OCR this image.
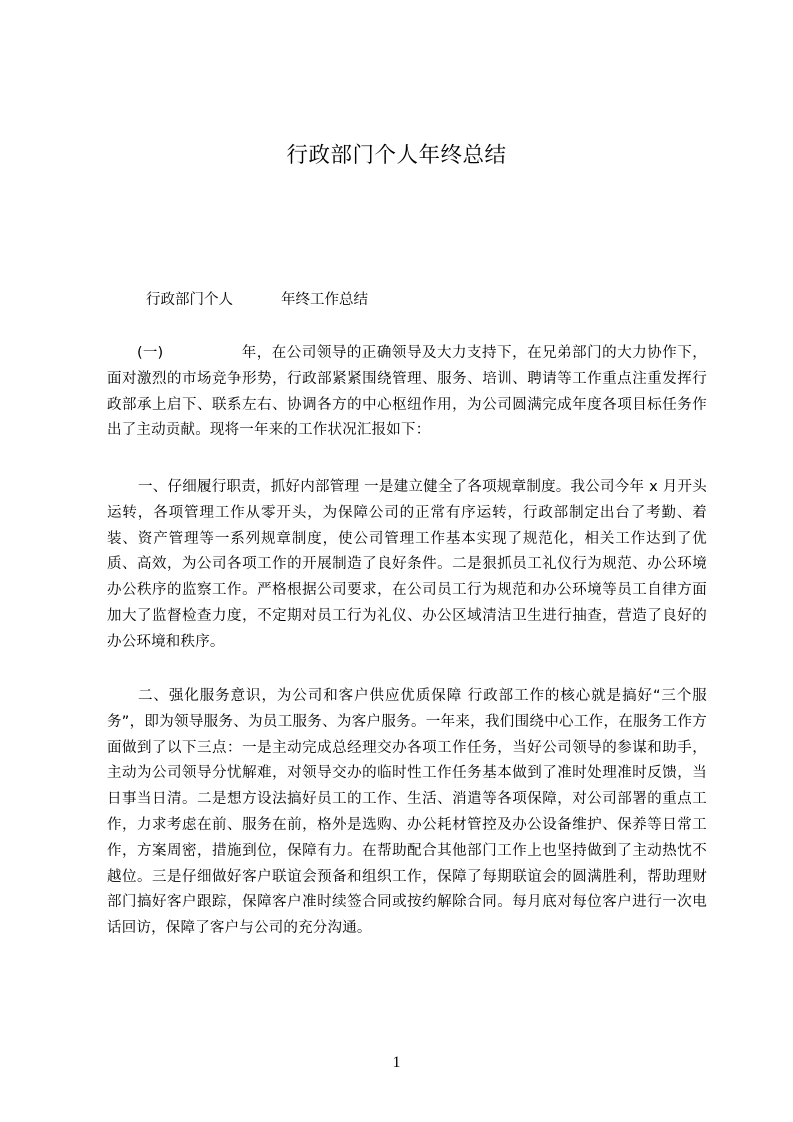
行政部门个人年终总结
行政部门个人	年终工作总结
(一)	年，在公司领导的正确领导及大力支持下，在兄弟部门的大力协作下，面对激烈的市场竞争形势，行政部紧紧围绕管理、服务、培训、聘请等工作重点注重发挥行政部承上启下、联系左右、协调各方的中心枢纽作用，为公司圆满完成年度各项目标任务作出了主动贡献。现将一年来的工作状况汇报如下：
一、仔细履行职责，抓好内部管理 一是建立健全了各项规章制度。我公司今年 x 月开头运转，各项管理工作从零开头，为保障公司的正常有序运转，行政部制定出台了考勤、着装、资产管理等一系列规章制度，使公司管理工作基本实现了规范化，相关工作达到了优质、高效，为公司各项工作的开展制造了良好条件。二是狠抓员工礼仪行为规范、办公环境办公秩序的监察工作。严格根据公司要求，在公司员工行为规范和办公环境等员工自律方面加大了监督检查力度，不定期对员工行为礼仪、办公区域清洁卫生进行抽查，营造了良好的办公环境和秩序。
二、强化服务意识，为公司和客户供应优质保障 行政部工作的核心就是搞好“三个服务”，即为领导服务、为员工服务、为客户服务。一年来，我们围绕中心工作，在服务工作方面做到了以下三点：一是主动完成总经理交办各项工作任务，当好公司领导的参谋和助手，主动为公司领导分忧解难，对领导交办的临时性工作任务基本做到了准时处理准时反馈，当日事当日清。二是想方设法搞好员工的工作、生活、消遣等各项保障，对公司部署的重点工作，力求考虑在前、服务在前，格外是选购、办公耗材管控及办公设备维护、保养等日常工作，方案周密，措施到位，保障有力。在帮助配合其他部门工作上也坚持做到了主动热忱不越位。三是仔细做好客户联谊会预备和组织工作，保障了每期联谊会的圆满胜利，帮助理财部门搞好客户跟踪，保障客户准时续签合同或按约解除合同。每月底对每位客户进行一次电话回访，保障了客户与公司的充分沟通。
1
